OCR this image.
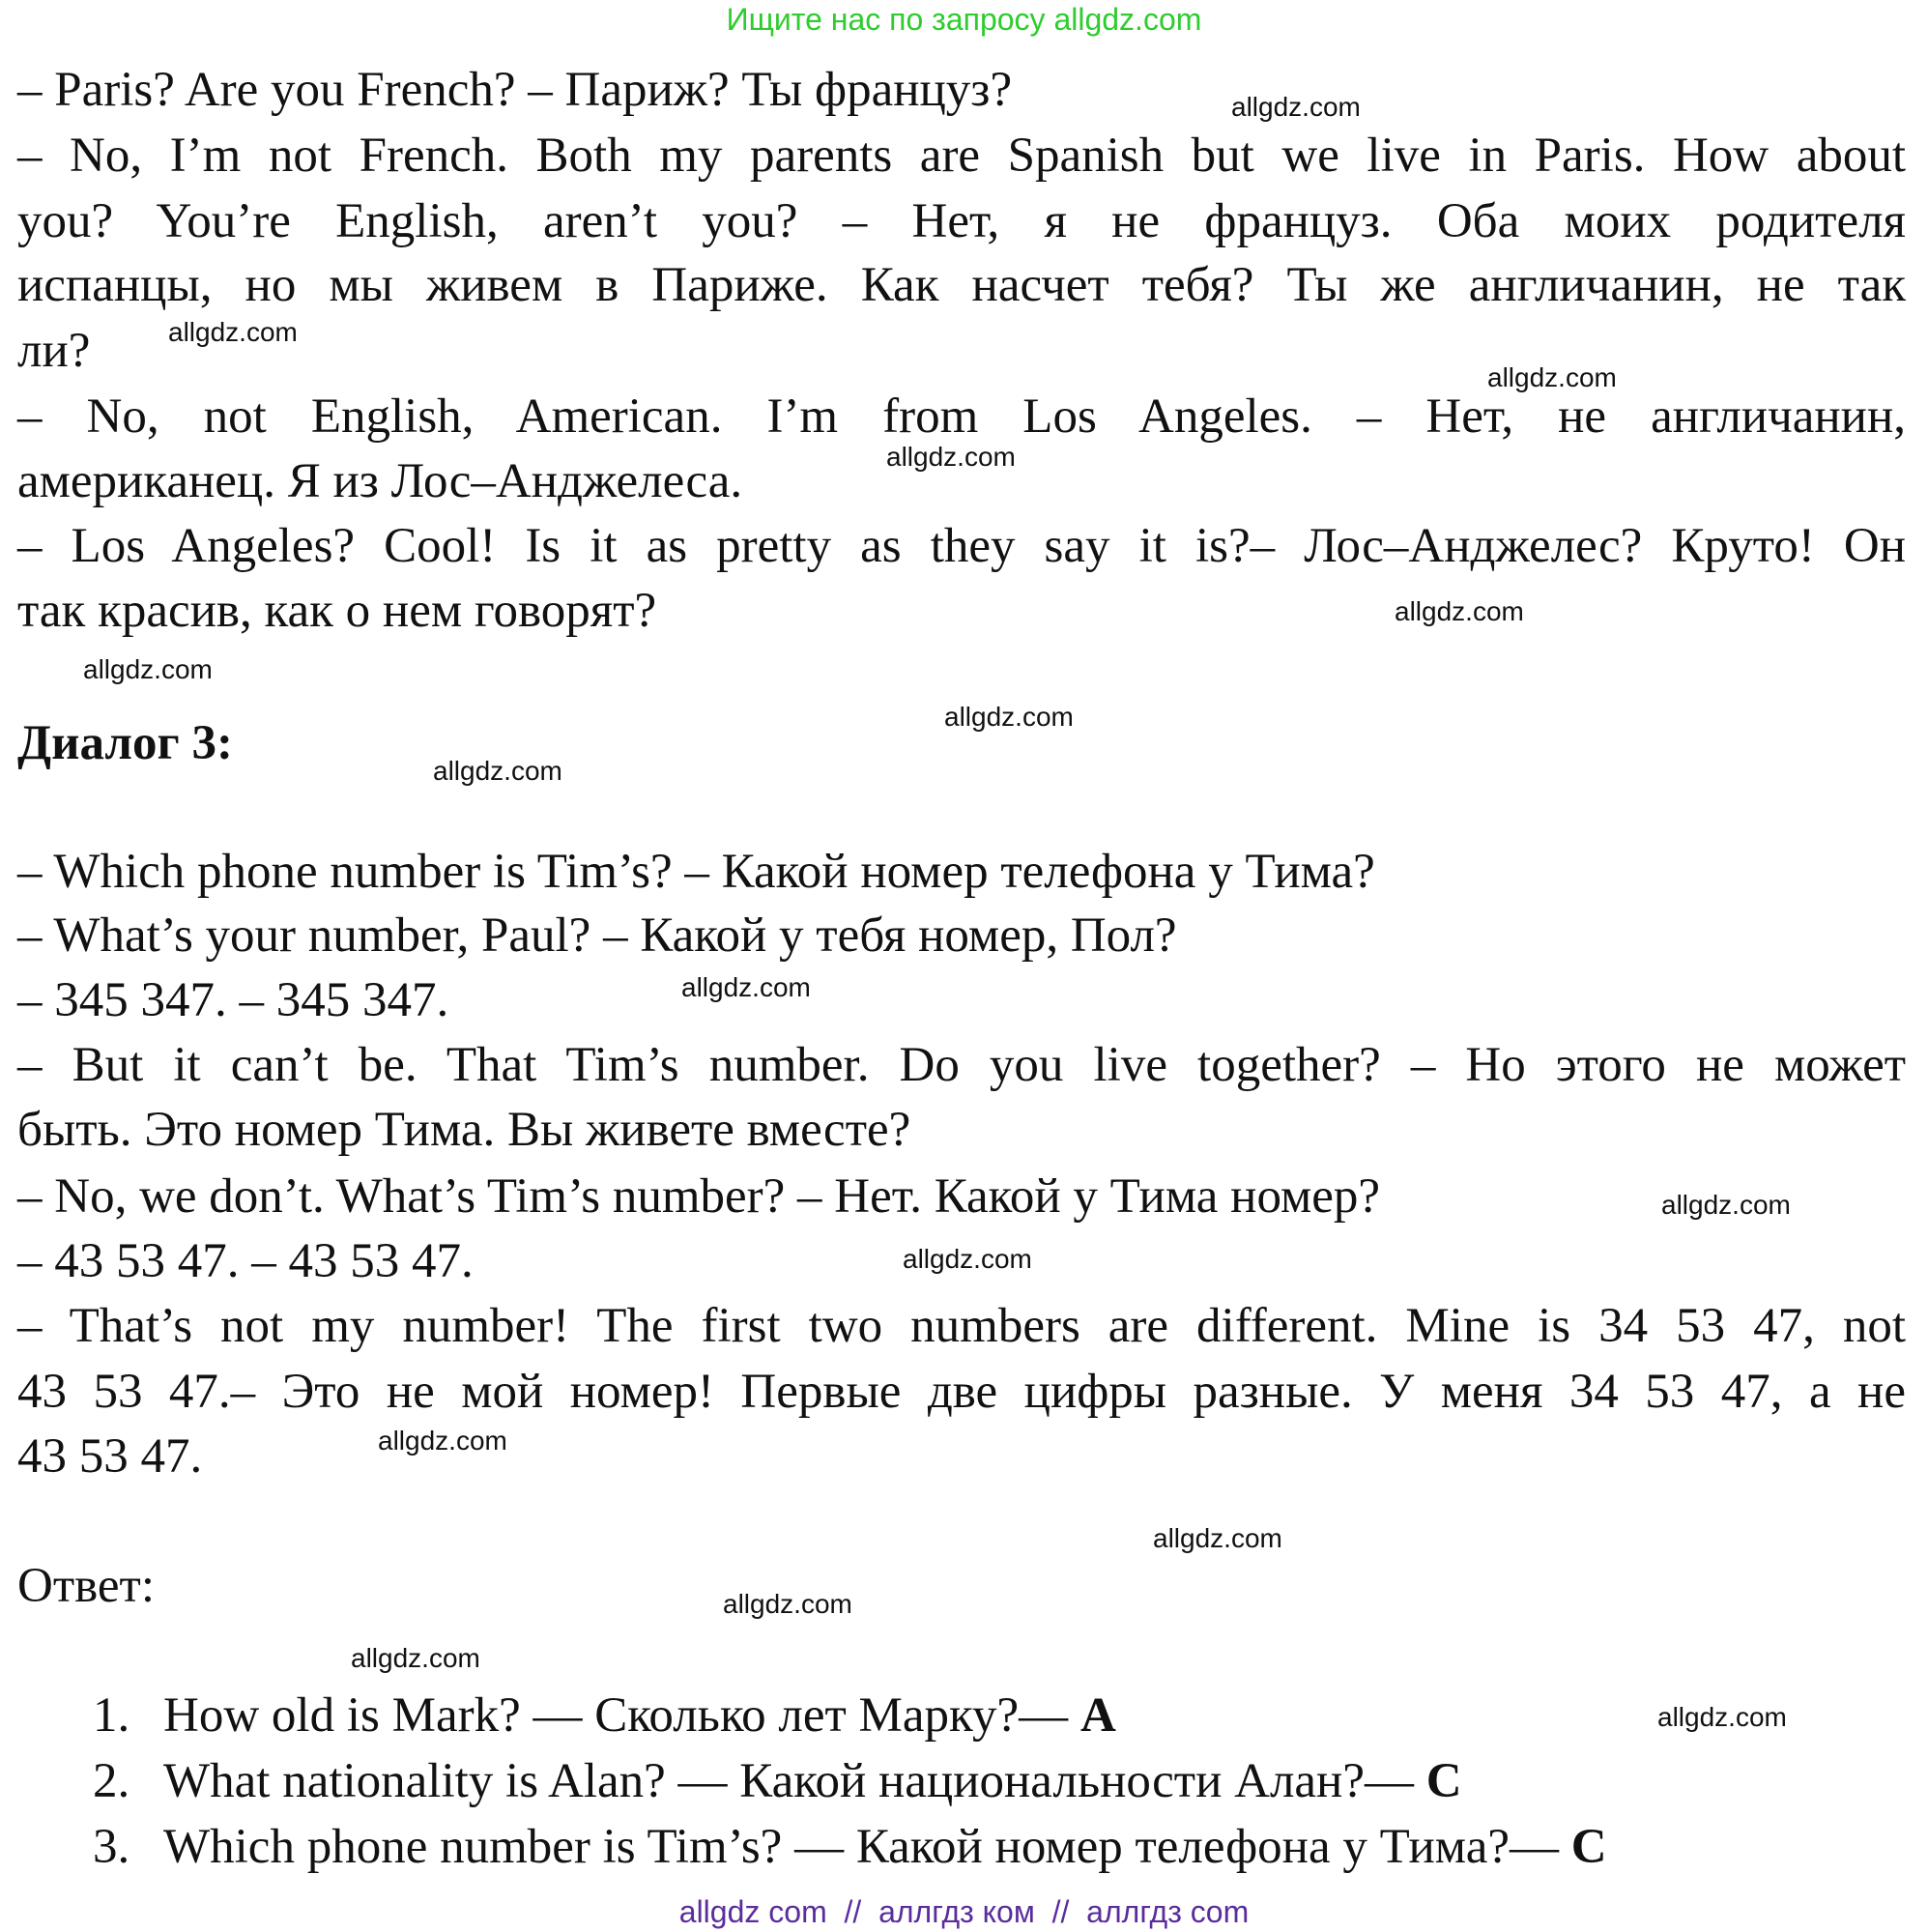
Ищите нас по запросу allgdz.com
– Paris? Are you French? – Париж? Ты француз?
– No, I’m not French. Both my parents are Spanish but we live in Paris. How about
you? You’re English, aren’t you? – Нет, я не француз. Оба моих родителя
испанцы, но мы живем в Париже. Как насчет тебя? Ты же англичанин, не так
ли?
– No, not English, American. I’m from Los Angeles. – Нет, не англичанин,
американец. Я из Лос–Анджелеса.
– Los Angeles? Cool! Is it as pretty as they say it is?– Лос–Анджелес? Круто! Он
так красив, как о нем говорят?
Диалог 3:
– Which phone number is Tim’s? – Какой номер телефона у Тима?
– What’s your number, Paul? – Какой у тебя номер, Пол?
– 345 347. – 345 347.
– But it can’t be. That Tim’s number. Do you live together? – Но этого не может
быть. Это номер Тима. Вы живете вместе?
– No, we don’t. What’s Tim’s number? – Нет. Какой у Тима номер?
– 43 53 47. – 43 53 47.
– That’s not my number! The first two numbers are different. Mine is 34 53 47, not
43 53 47.– Это не мой номер! Первые две цифры разные. У меня 34 53 47, а не
43 53 47.
Ответ:
1. How old is Mark? — Сколько лет Марку?— A
2. What nationality is Alan? — Какой национальности Алан?— C
3. Which phone number is Tim’s? — Какой номер телефона у Тима?— C
allgdz.com
allgdz.com
allgdz.com
allgdz.com
allgdz.com
allgdz.com
allgdz.com
allgdz.com
allgdz.com
allgdz.com
allgdz.com
allgdz.com
allgdz.com
allgdz.com
allgdz.com
allgdz.com
allgdz com  //  аллгдз ком  //  аллгдз com
